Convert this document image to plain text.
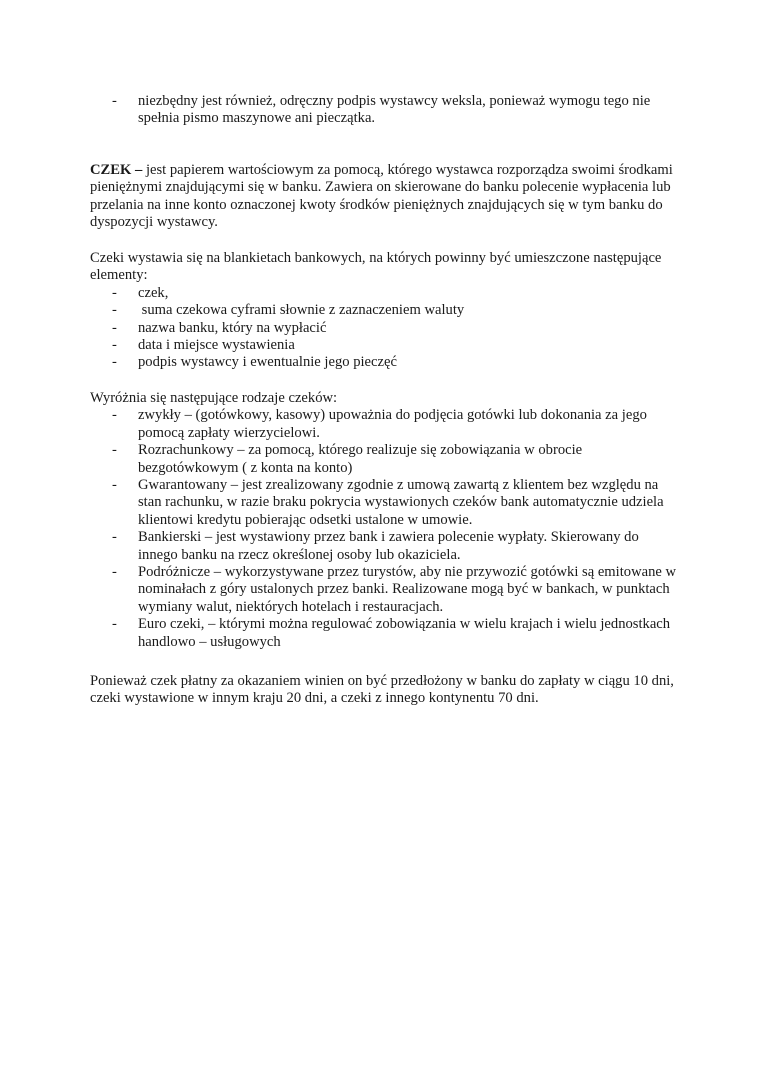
- niezbędny jest również, odręczny podpis wystawcy weksla, ponieważ wymogu tego nie spełnia pismo maszynowe ani pieczątka.

CZEK – jest papierem wartościowym za pomocą, którego wystawca rozporządza swoimi środkami pieniężnymi znajdującymi się w banku. Zawiera on skierowane do banku polecenie wypłacenia lub przelania na inne konto oznaczonej kwoty środków pieniężnych znajdujących się w tym banku do dyspozycji wystawcy.

Czeki wystawia się na blankietach bankowych, na których powinny być umieszczone następujące elementy:

- czek,
-  suma czekowa cyframi słownie z zaznaczeniem waluty
- nazwa banku, który na wypłacić
- data i miejsce wystawienia
- podpis wystawcy i ewentualnie jego pieczęć

Wyróżnia się następujące rodzaje czeków:

- zwykły – (gotówkowy, kasowy) upoważnia do podjęcia gotówki lub dokonania za jego pomocą zapłaty wierzycielowi.
- Rozrachunkowy – za pomocą, którego realizuje się zobowiązania w obrocie bezgotówkowym ( z konta na konto)
- Gwarantowany – jest zrealizowany zgodnie z umową zawartą z klientem bez względu na stan rachunku, w razie braku pokrycia wystawionych czeków bank automatycznie udziela klientowi kredytu pobierając odsetki ustalone w umowie.
- Bankierski – jest wystawiony przez bank i zawiera polecenie wypłaty. Skierowany do innego banku na rzecz określonej osoby lub okaziciela.
- Podróżnicze – wykorzystywane przez turystów, aby nie przywozić gotówki są emitowane w nominałach z góry ustalonych przez banki. Realizowane mogą być w bankach, w punktach wymiany walut, niektórych hotelach i restauracjach.
- Euro czeki, – którymi można regulować zobowiązania w wielu krajach i wielu jednostkach handlowo – usługowych

Ponieważ czek płatny za okazaniem winien on być przedłożony w banku do zapłaty w ciągu 10 dni, czeki wystawione w innym kraju 20 dni, a czeki z innego kontynentu 70 dni.
